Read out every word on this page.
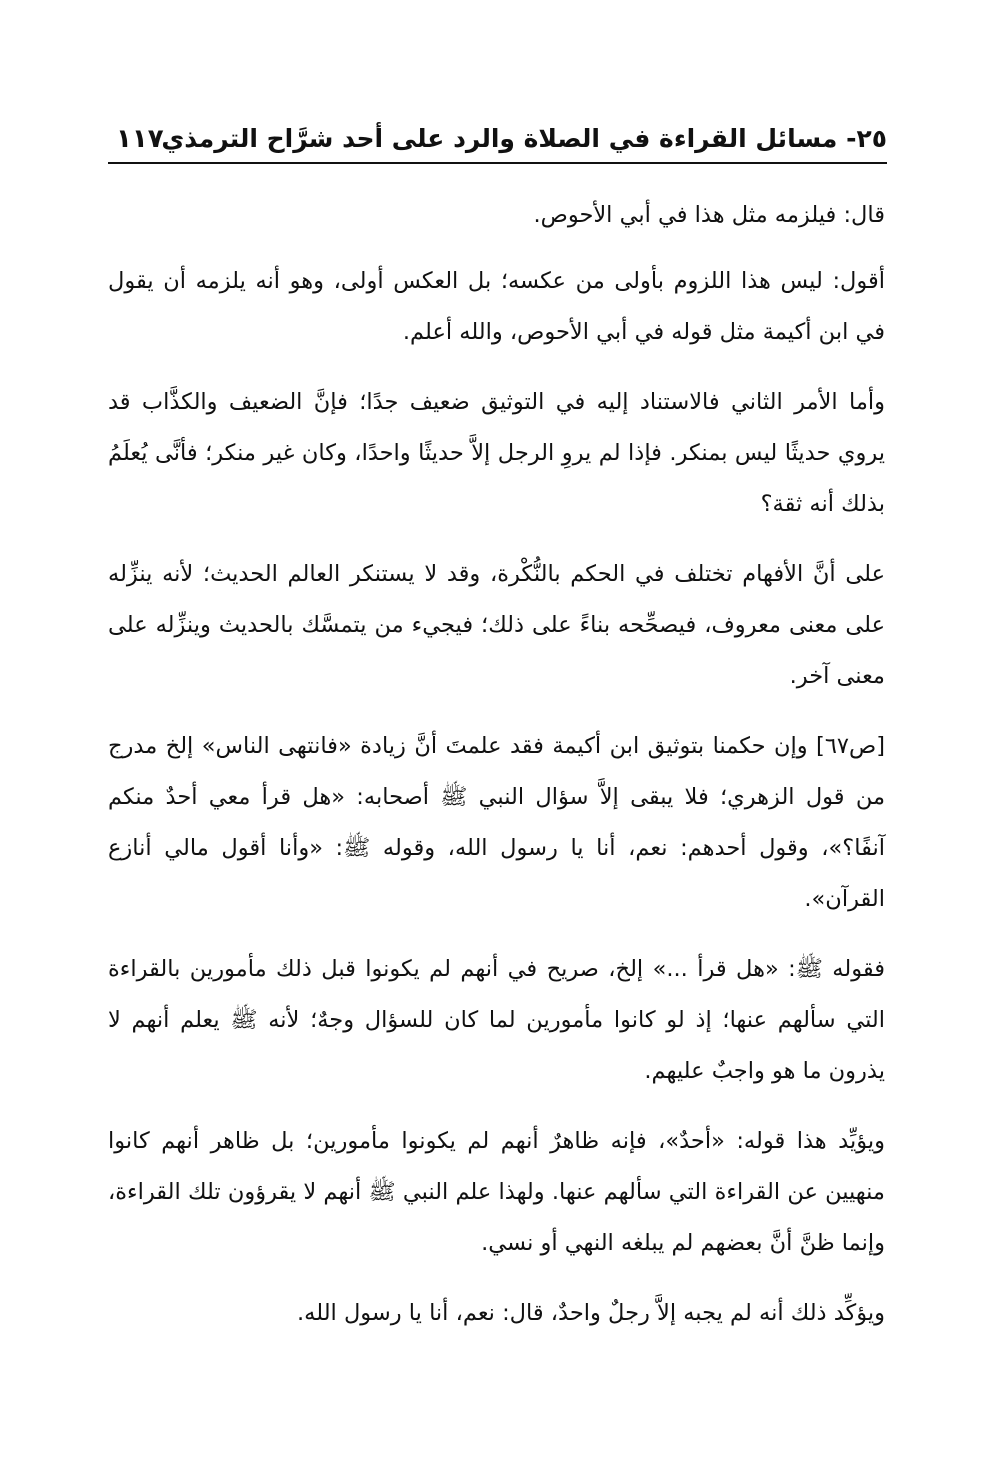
٢٥- مسائل القراءة في الصلاة والرد على أحد شرَّاح الترمذي
١١٧

قال: فيلزمه مثل هذا في أبي الأحوص.

أقول: ليس هذا اللزوم بأولى من عكسه؛ بل العكس أولى، وهو أنه يلزمه أن يقول في ابن أكيمة مثل قوله في أبي الأحوص، والله أعلم.

وأما الأمر الثاني فالاستناد إليه في التوثيق ضعيف جدًا؛ فإنَّ الضعيف والكذَّاب قد يروي حديثًا ليس بمنكر. فإذا لم يروِ الرجل إلاَّ حديثًا واحدًا، وكان غير منكر؛ فأنَّى يُعلَمُ بذلك أنه ثقة؟

على أنَّ الأفهام تختلف في الحكم بالنُّكْرة، وقد لا يستنكر العالم الحديث؛ لأنه ينزِّله على معنى معروف، فيصحِّحه بناءً على ذلك؛ فيجيء من يتمسَّك بالحديث وينزِّله على معنى آخر.

[ص٦٧] وإن حكمنا بتوثيق ابن أكيمة فقد علمتَ أنَّ زيادة «فانتهى الناس» إلخ مدرج من قول الزهري؛ فلا يبقى إلاَّ سؤال النبي ﷺ أصحابه: «هل قرأ معي أحدٌ منكم آنفًا؟»، وقول أحدهم: نعم، أنا يا رسول الله، وقوله ﷺ: «وأنا أقول مالي أنازع القرآن».

فقوله ﷺ: «هل قرأ ...» إلخ، صريح في أنهم لم يكونوا قبل ذلك مأمورين بالقراءة التي سألهم عنها؛ إذ لو كانوا مأمورين لما كان للسؤال وجهٌ؛ لأنه ﷺ يعلم أنهم لا يذرون ما هو واجبٌ عليهم.

ويؤيِّد هذا قوله: «أحدٌ»، فإنه ظاهرٌ أنهم لم يكونوا مأمورين؛ بل ظاهر أنهم كانوا منهيين عن القراءة التي سألهم عنها. ولهذا علم النبي ﷺ أنهم لا يقرؤون تلك القراءة، وإنما ظنَّ أنَّ بعضهم لم يبلغه النهي أو نسي.

ويؤكِّد ذلك أنه لم يجبه إلاَّ رجلٌ واحدٌ، قال: نعم، أنا يا رسول الله.
